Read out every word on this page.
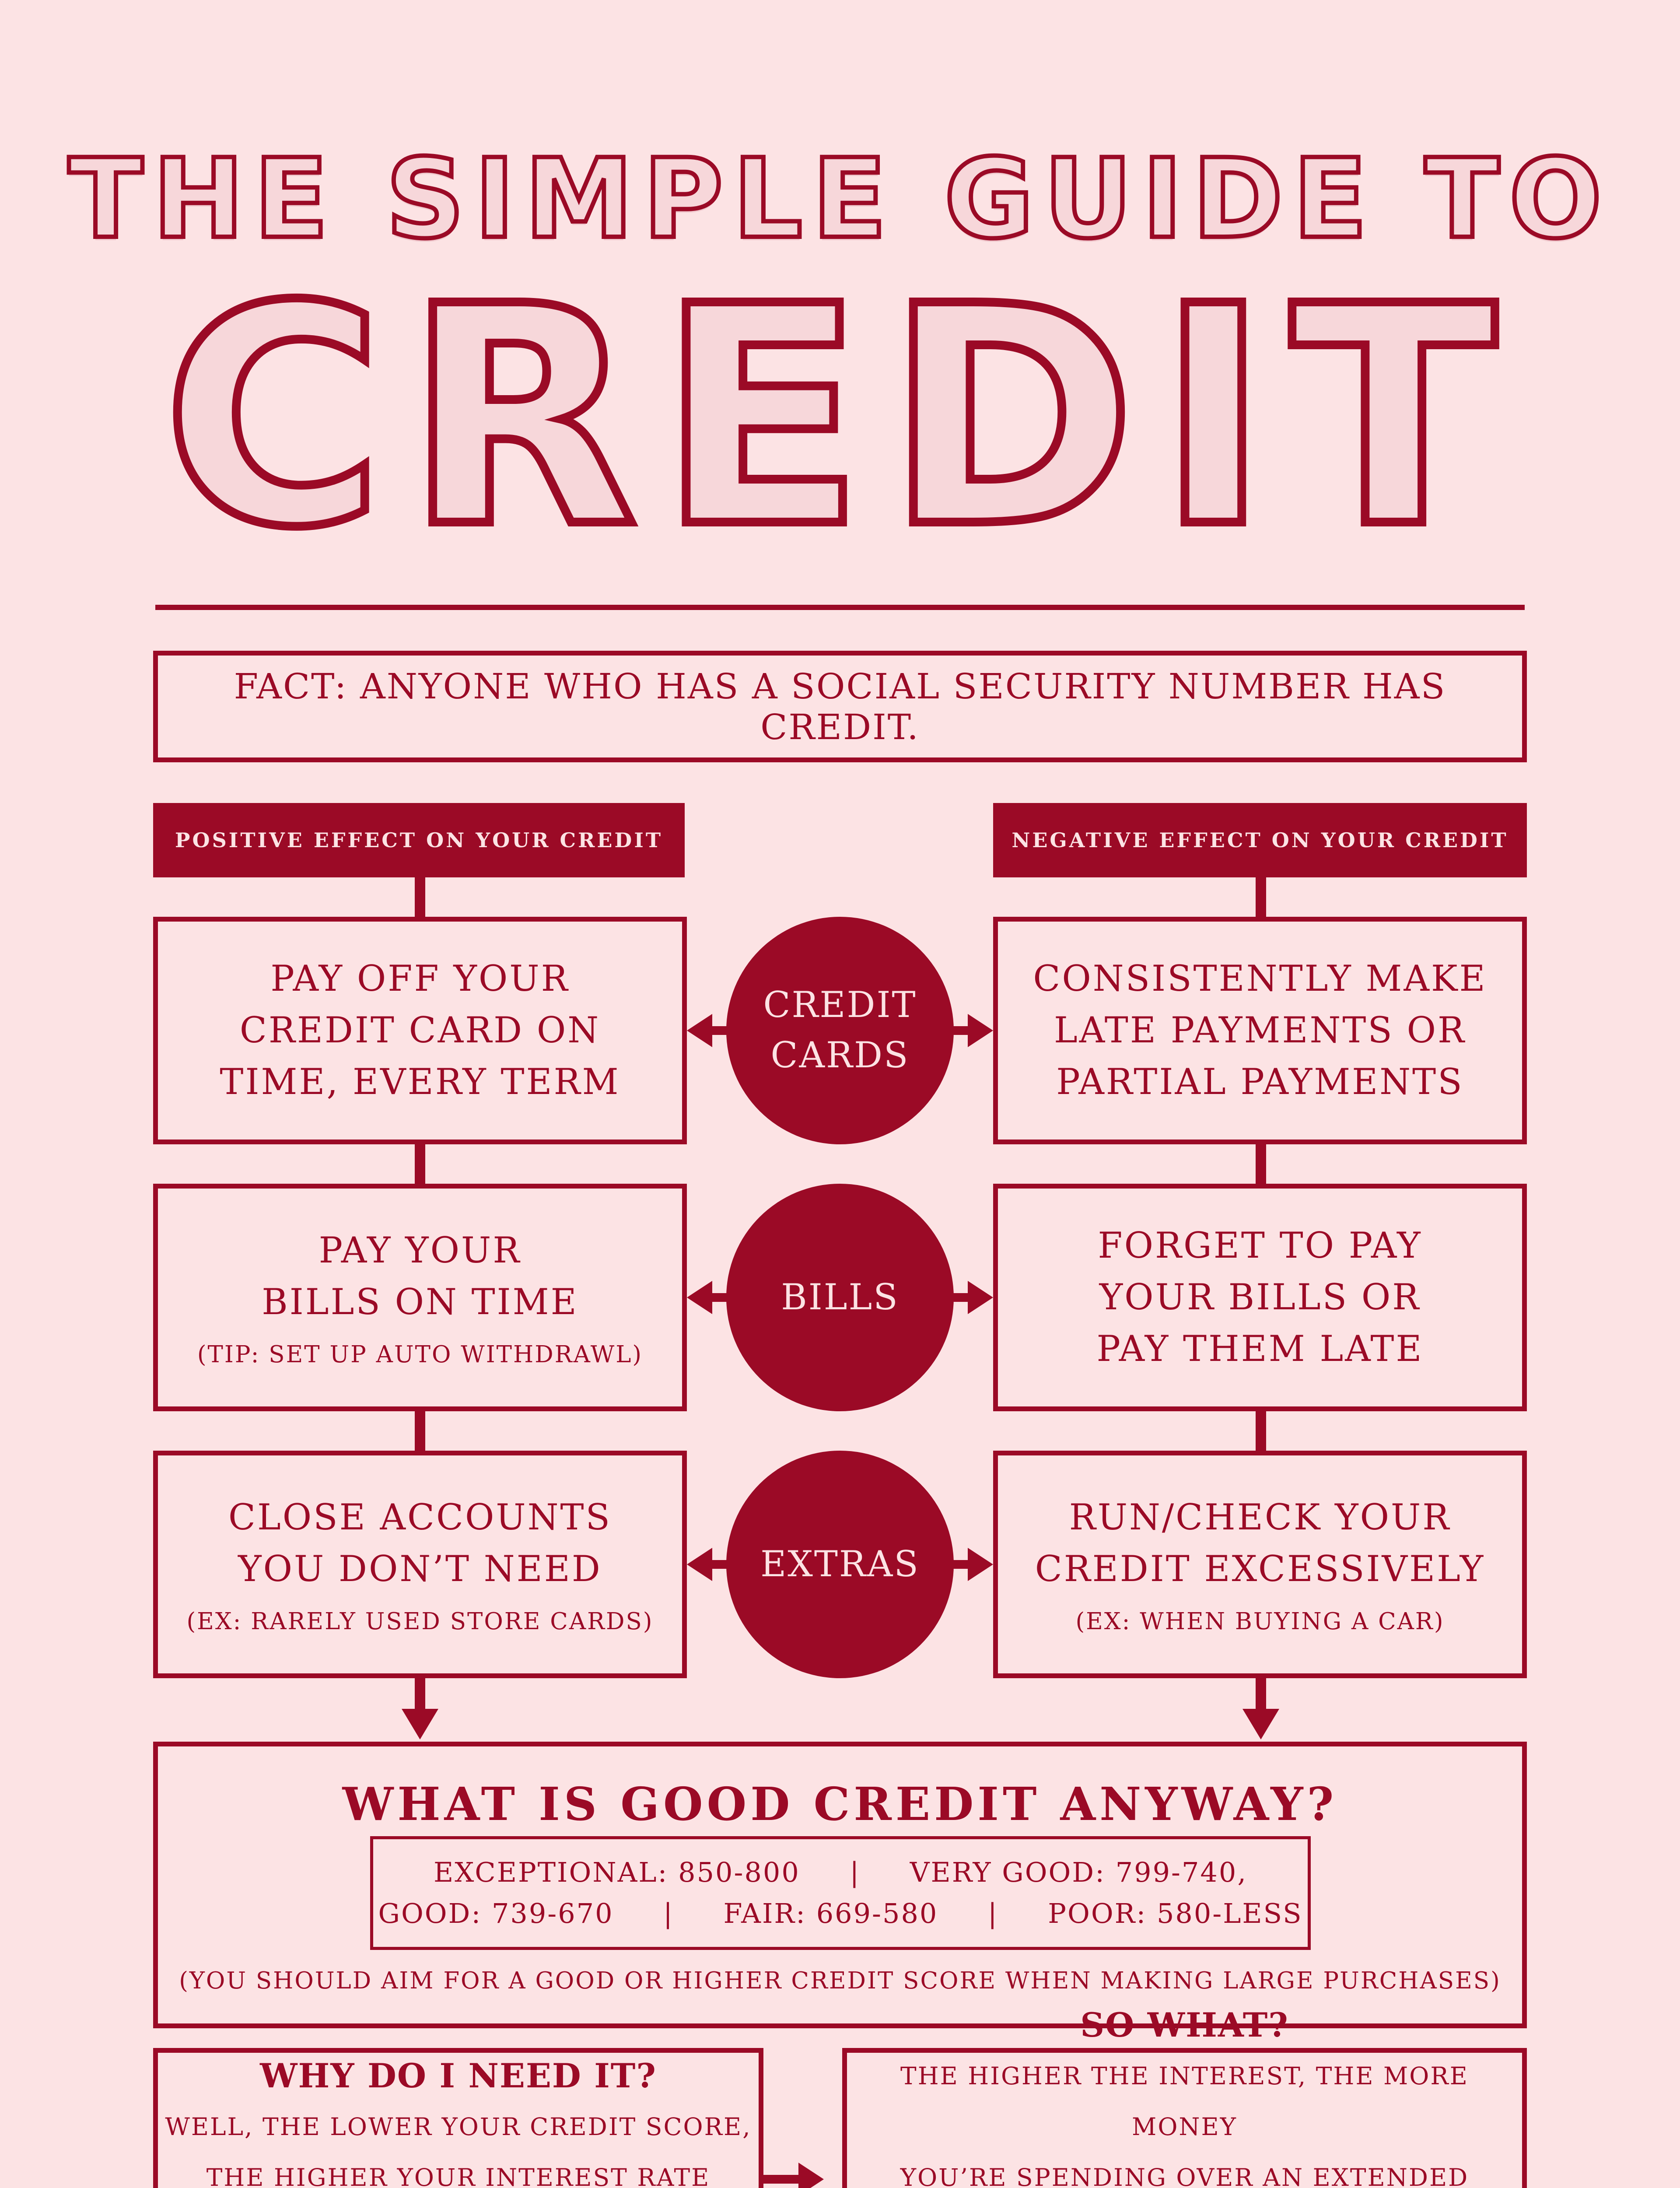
THE SIMPLE GUIDE TO
CREDIT
FACT: ANYONE WHO HAS A SOCIAL SECURITY NUMBER HAS CREDIT.
POSITIVE EFFECT ON YOUR CREDIT	NEGATIVE EFFECT ON YOUR CREDIT
PAY OFF YOUR
CREDIT CARD ON
TIME, EVERY TERM
CONSISTENTLY MAKE
LATE PAYMENTS OR
PARTIAL PAYMENTS
CREDIT
CARDS
PAY YOUR
BILLS ON TIME
(TIP: SET UP AUTO WITHDRAWL)
FORGET TO PAY
YOUR BILLS OR
PAY THEM LATE
BILLS
CLOSE ACCOUNTS
YOU DON’T NEED
(EX: RARELY USED STORE CARDS)
RUN/CHECK YOUR
CREDIT EXCESSIVELY
(EX: WHEN BUYING A CAR)
EXTRAS
WHAT IS GOOD CREDIT ANYWAY?
EXCEPTIONAL: 850-800     |     VERY GOOD: 799-740,
GOOD: 739-670     |     FAIR: 669-580     |     POOR: 580-LESS
(YOU SHOULD AIM FOR A GOOD OR HIGHER CREDIT SCORE WHEN MAKING LARGE PURCHASES)
WHY DO I NEED IT?
WELL, THE LOWER YOUR CREDIT SCORE,
THE HIGHER YOUR INTEREST RATE
SO WHAT?
THE HIGHER THE INTEREST, THE MORE MONEY
YOU’RE SPENDING OVER AN EXTENDED
